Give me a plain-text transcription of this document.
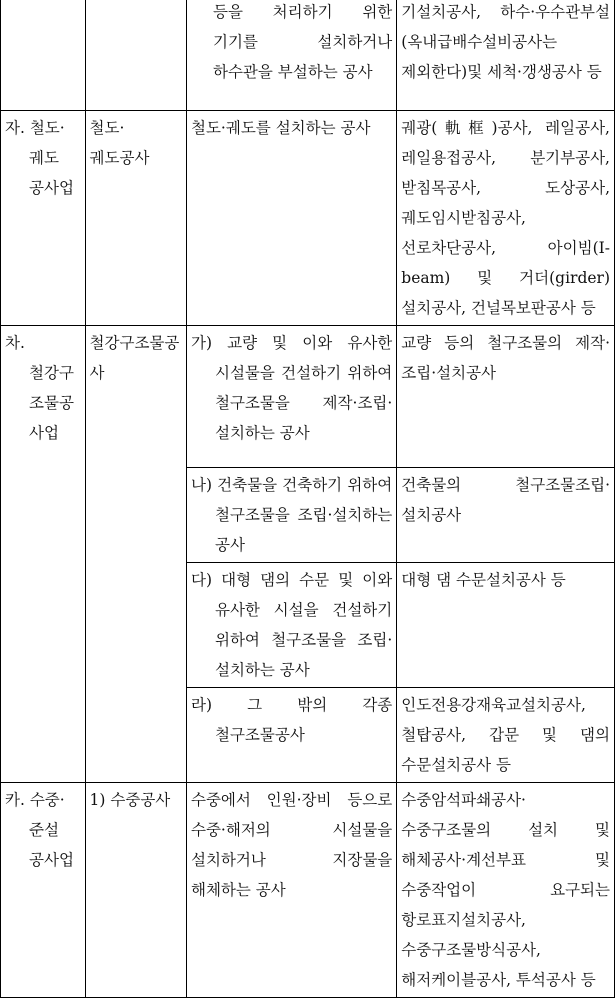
		등을 처리하기 위한 기기를 설치하거나 하수관을 부설하는 공사	기설치공사, 하수·우수관부설(옥내급배수설비공사는 제외한다)및 세척·갱생공사 등
자. 철도·궤도 공사업	철도·궤도공사	철도·궤도를 설치하는 공사	궤광(軌框)공사, 레일공사, 레일용접공사, 분기부공사, 받침목공사, 도상공사, 궤도임시받침공사, 선로차단공사, 아이빔(I-beam) 및 거더(girder)설치공사, 건널목보판공사 등
차. 철강구조물공사업	철강구조물공사	가) 교량 및 이와 유사한 시설물을 건설하기 위하여 철구조물을 제작·조립·설치하는 공사	교량 등의 철구조물의 제작·조립·설치공사
		나) 건축물을 건축하기 위하여 철구조물을 조립·설치하는 공사	건축물의 철구조물조립·설치공사
		다) 대형 댐의 수문 및 이와 유사한 시설을 건설하기 위하여 철구조물을 조립·설치하는 공사	대형 댐 수문설치공사 등
		라) 그 밖의 각종 철구조물공사	인도전용강재육교설치공사, 철탑공사, 갑문 및 댐의 수문설치공사 등
카. 수중·준설 공사업	1) 수중공사	수중에서 인원·장비 등으로 수중·해저의 시설물을 설치하거나 지장물을 해체하는 공사	수중암석파쇄공사·수중구조물의 설치 및 해체공사·계선부표 및 수중작업이 요구되는 항로표지설치공사, 수중구조물방식공사, 해저케이블공사, 투석공사 등
